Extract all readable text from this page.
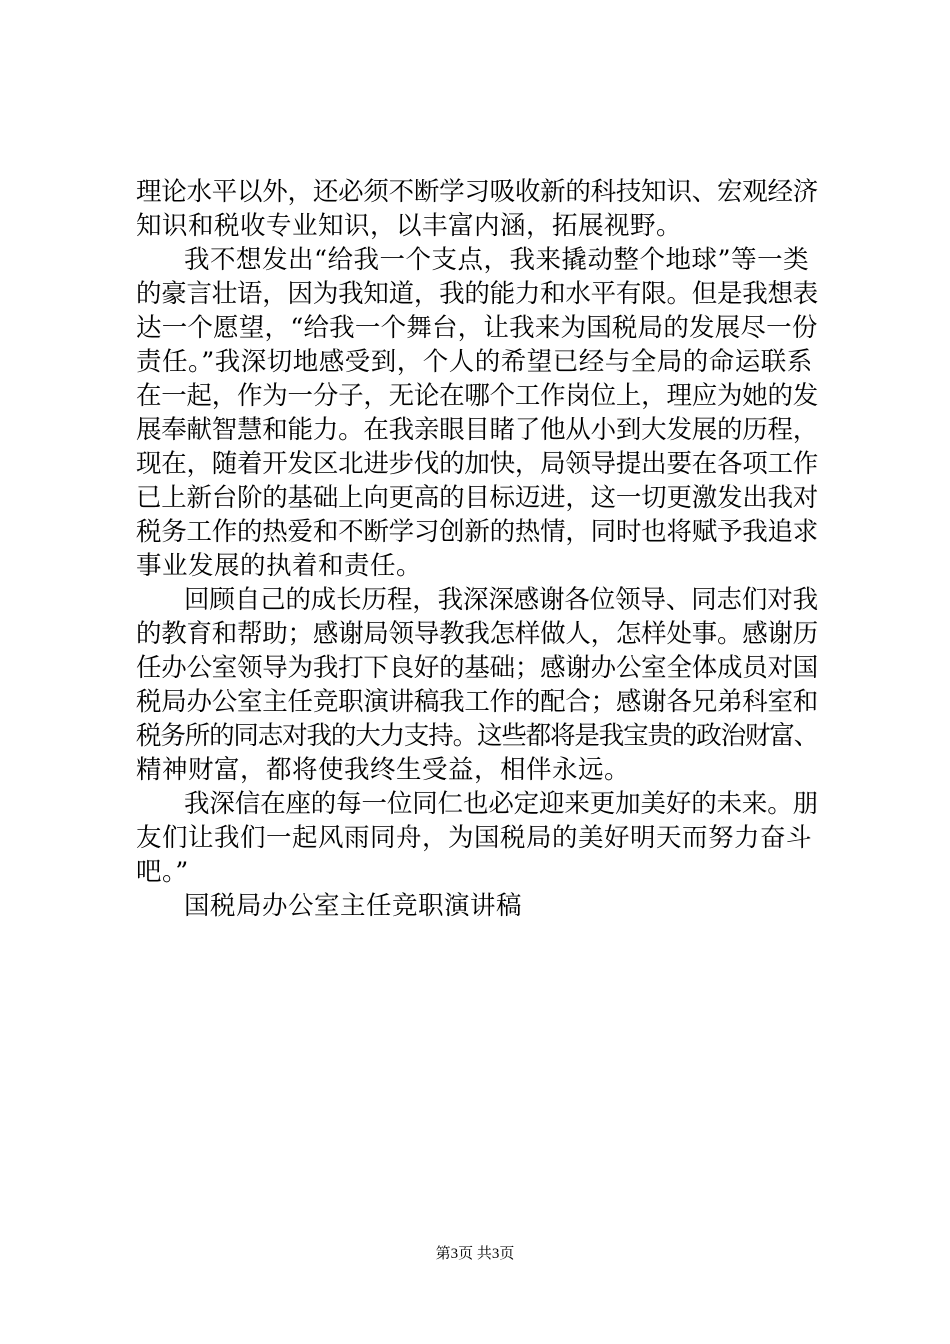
理论水平以外，还必须不断学习吸收新的科技知识、宏观经济
知识和税收专业知识，以丰富内涵，拓展视野。
我不想发出“给我一个支点，我来撬动整个地球”等一类
的豪言壮语，因为我知道，我的能力和水平有限。但是我想表
达一个愿望，“给我一个舞台，让我来为国税局的发展尽一份
责任。”我深切地感受到，个人的希望已经与全局的命运联系
在一起，作为一分子，无论在哪个工作岗位上，理应为她的发
展奉献智慧和能力。在我亲眼目睹了他从小到大发展的历程，
现在，随着开发区北进步伐的加快，局领导提出要在各项工作
已上新台阶的基础上向更高的目标迈进，这一切更激发出我对
税务工作的热爱和不断学习创新的热情，同时也将赋予我追求
事业发展的执着和责任。
回顾自己的成长历程，我深深感谢各位领导、同志们对我
的教育和帮助；感谢局领导教我怎样做人，怎样处事。感谢历
任办公室领导为我打下良好的基础；感谢办公室全体成员对国
税局办公室主任竞职演讲稿我工作的配合；感谢各兄弟科室和
税务所的同志对我的大力支持。这些都将是我宝贵的政治财富、
精神财富，都将使我终生受益，相伴永远。
我深信在座的每一位同仁也必定迎来更加美好的未来。朋
友们让我们一起风雨同舟，为国税局的美好明天而努力奋斗
吧。”
国税局办公室主任竞职演讲稿
第3页 共3页
